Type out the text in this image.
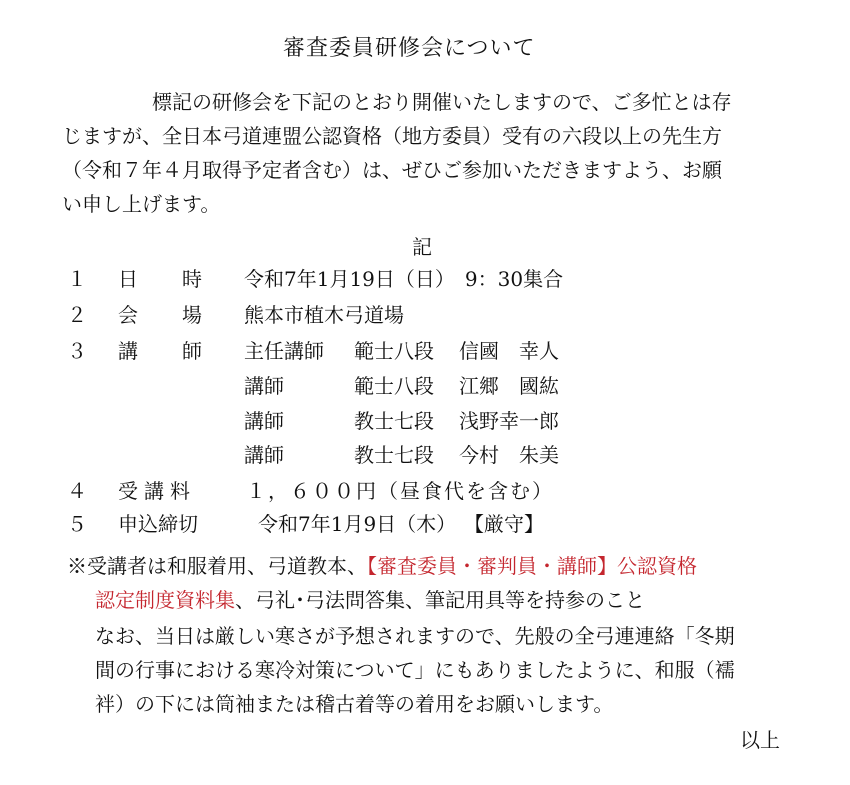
審査委員研修会について
標記の研修会を下記のとおり開催いたしますので、ご多忙とは存
じますが、全日本弓道連盟公認資格（地方委員）受有の六段以上の先生方
（令和７年４月取得予定者含む）は、ぜひご参加いただきますよう、お願
い申し上げます。
記
１ 日　時 令和7年1月19日（日）　9：30集合
２ 会　場 熊本市植木弓道場
３ 講　師 主任講師 範士八段 信國　幸人
講師	範士八段 江郷　國紘
講師	教士七段 浅野幸一郎
講師	教士七段 今村　朱美
４ 受講料	１，６００円（昼食代を含む）
５ 申込締切	令和7年1月9日（木） 【厳守】
※受講者は和服着用、弓道教本、【審査委員・審判員・講師】公認資格
認定制度資料集、弓礼･弓法問答集、筆記用具等を持参のこと
なお、当日は厳しい寒さが予想されますので、先般の全弓連連絡「冬期
間の行事における寒冷対策について」にもありましたように、和服（襦
袢）の下には筒袖または稽古着等の着用をお願いします。
以上
